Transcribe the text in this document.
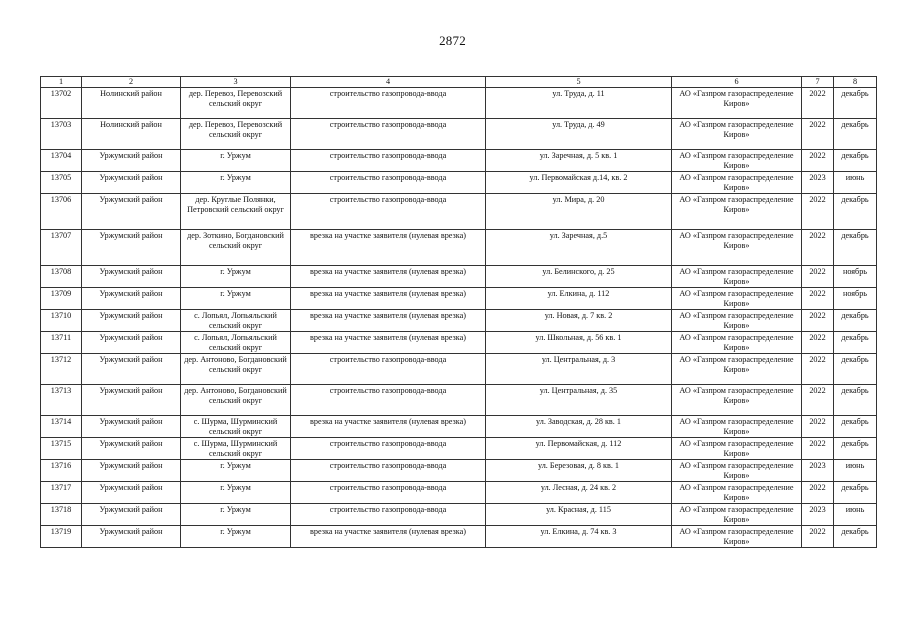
2872
1	2	3	4	5	6	7	8
13702	Нолинский район	дер. Перевоз, Перевозский сельский округ	строительство газопровода-ввода	ул. Труда, д. 11	АО «Газпром газораспределение Киров»	2022	декабрь
13703	Нолинский район	дер. Перевоз, Перевозский сельский округ	строительство газопровода-ввода	ул. Труда, д. 49	АО «Газпром газораспределение Киров»	2022	декабрь
13704	Уржумский район	г. Уржум	строительство газопровода-ввода	ул. Заречная, д. 5 кв. 1	АО «Газпром газораспределение Киров»	2022	декабрь
13705	Уржумский район	г. Уржум	строительство газопровода-ввода	ул. Первомайская д.14, кв. 2	АО «Газпром газораспределение Киров»	2023	июнь
13706	Уржумский район	дер. Круглые Полянки, Петровский сельский округ	строительство газопровода-ввода	ул. Мира, д. 20	АО «Газпром газораспределение Киров»	2022	декабрь
13707	Уржумский район	дер. Зоткино, Богдановский сельский округ	врезка на участке заявителя (нулевая врезка)	ул. Заречная, д.5	АО «Газпром газораспределение Киров»	2022	декабрь
13708	Уржумский район	г. Уржум	врезка на участке заявителя (нулевая врезка)	ул. Белинского, д. 25	АО «Газпром газораспределение Киров»	2022	ноябрь
13709	Уржумский район	г. Уржум	врезка на участке заявителя (нулевая врезка)	ул. Елкина, д. 112	АО «Газпром газораспределение Киров»	2022	ноябрь
13710	Уржумский район	с. Лопьял, Лопьяльский сельский округ	врезка на участке заявителя (нулевая врезка)	ул. Новая, д. 7 кв. 2	АО «Газпром газораспределение Киров»	2022	декабрь
13711	Уржумский район	с. Лопьял, Лопьяльский сельский округ	врезка на участке заявителя (нулевая врезка)	ул. Школьная, д. 56 кв. 1	АО «Газпром газораспределение Киров»	2022	декабрь
13712	Уржумский район	дер. Антоново, Богдановский сельский округ	строительство газопровода-ввода	ул. Центральная, д. 3	АО «Газпром газораспределение Киров»	2022	декабрь
13713	Уржумский район	дер. Антоново, Богдановский сельский округ	строительство газопровода-ввода	ул. Центральная, д. 35	АО «Газпром газораспределение Киров»	2022	декабрь
13714	Уржумский район	с. Шурма, Шурминский сельский округ	врезка на участке заявителя (нулевая врезка)	ул. Заводская, д. 28 кв. 1	АО «Газпром газораспределение Киров»	2022	декабрь
13715	Уржумский район	с. Шурма, Шурминский сельский округ	строительство газопровода-ввода	ул. Первомайская, д. 112	АО «Газпром газораспределение Киров»	2022	декабрь
13716	Уржумский район	г. Уржум	строительство газопровода-ввода	ул. Березовая, д. 8 кв. 1	АО «Газпром газораспределение Киров»	2023	июнь
13717	Уржумский район	г. Уржум	строительство газопровода-ввода	ул. Лесная, д. 24 кв. 2	АО «Газпром газораспределение Киров»	2022	декабрь
13718	Уржумский район	г. Уржум	строительство газопровода-ввода	ул. Красная, д. 115	АО «Газпром газораспределение Киров»	2023	июнь
13719	Уржумский район	г. Уржум	врезка на участке заявителя (нулевая врезка)	ул. Елкина, д. 74 кв. 3	АО «Газпром газораспределение Киров»	2022	декабрь
